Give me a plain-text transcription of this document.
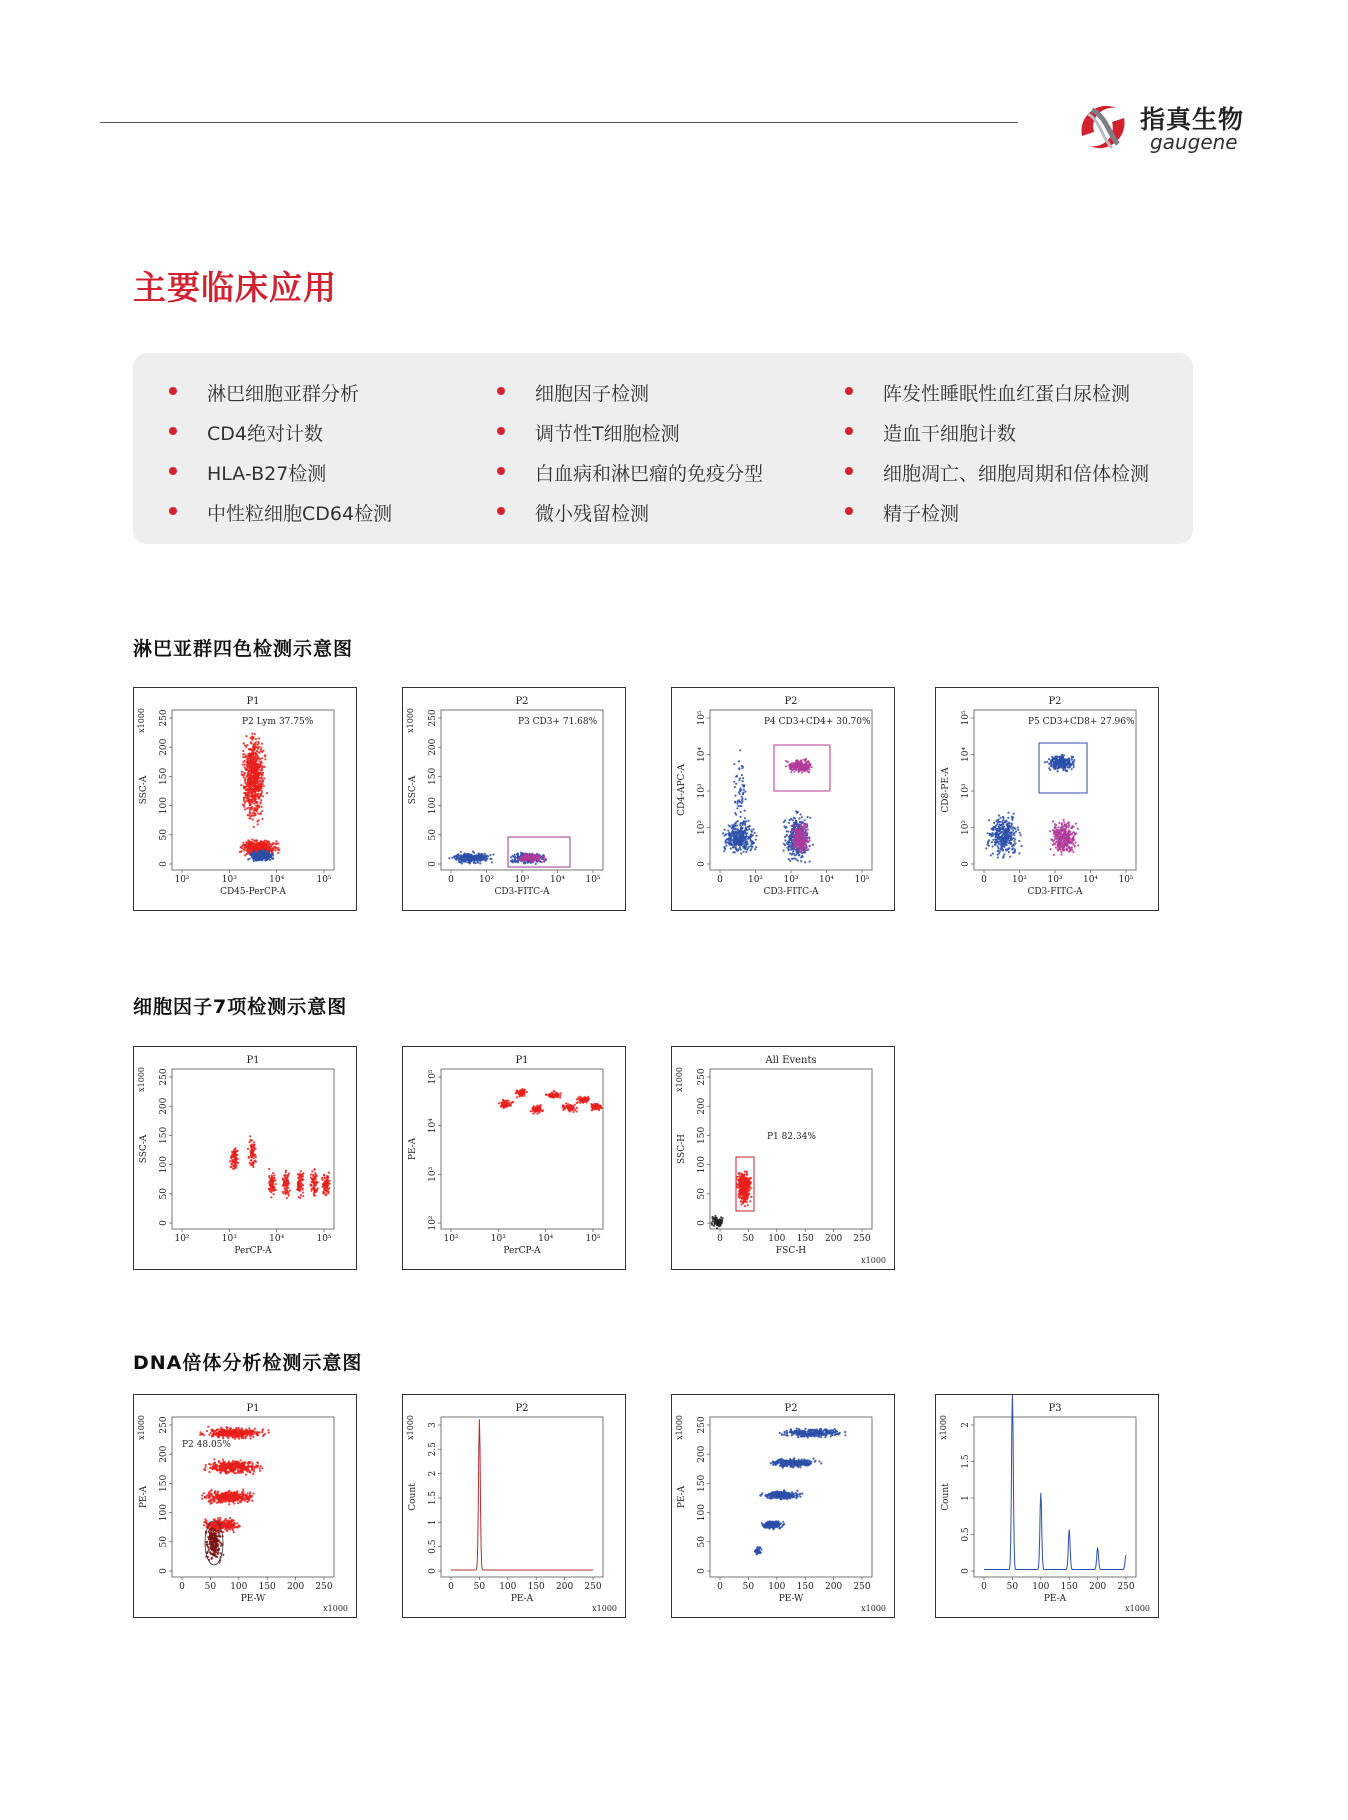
指真生物
gaugene
主要临床应用
淋巴细胞亚群分析
CD4绝对计数
HLA-B27检测
中性粒细胞CD64检测
细胞因子检测
调节性T细胞检测
白血病和淋巴瘤的免疫分型
微小残留检测
阵发性睡眠性血红蛋白尿检测
造血干细胞计数
细胞凋亡、细胞周期和倍体检测
精子检测
淋巴亚群四色检测示意图
细胞因子7项检测示意图
DNA倍体分析检测示意图
P1
CD45-PerCP-A
SSC-A
x1000
10²	10³	10⁴	10⁵
0
50
100
150
200
250	P2 Lym 37.75%
P2
CD3-FITC-A
SSC-A
x1000
0	10² 10³ 10⁴ 10⁵
0
50
100
150
200
250	P3 CD3+ 71.68%
P2
CD3-FITC-A
CD4-APC-A
0	10² 10³ 10⁴ 10⁵
0
10²
10³
10⁴
10⁵	P4 CD3+CD4+ 30.70%
P2
CD3-FITC-A
CD8-PE-A
0	10² 10³ 10⁴ 10⁵
0
10²
10³
10⁴
10⁵	P5 CD3+CD8+ 27.96%
P1
PerCP-A
SSC-A
x1000
10²	10³	10⁴	10⁵
0
50
100
150
200
250
P1
PerCP-A
PE-A
10²	10³	10⁴	10⁵
10²
10³
10⁴
10⁵
All Events
FSC-H
SSC-H
x1000
x1000
0 50 100 150 200 250
0
50
100
150
200
250
P1 82.34%
P1
PE-W
PE-A
x1000
x1000
0 50 100 150 200 250
0
50
100
150
200
250
P2 48.05%
P2
PE-A
Count
x1000
x1000
0 50 100 150 200 250
0
0.5
1
1.5
2
2.5
3
P2
PE-W
PE-A
x1000
x1000
0 50 100 150 200 250
0
50
100
150
200
250
P3
PE-A
Count
x1000
x1000
0 50 100 150 200 250
0
0.5
1
1.5
2
